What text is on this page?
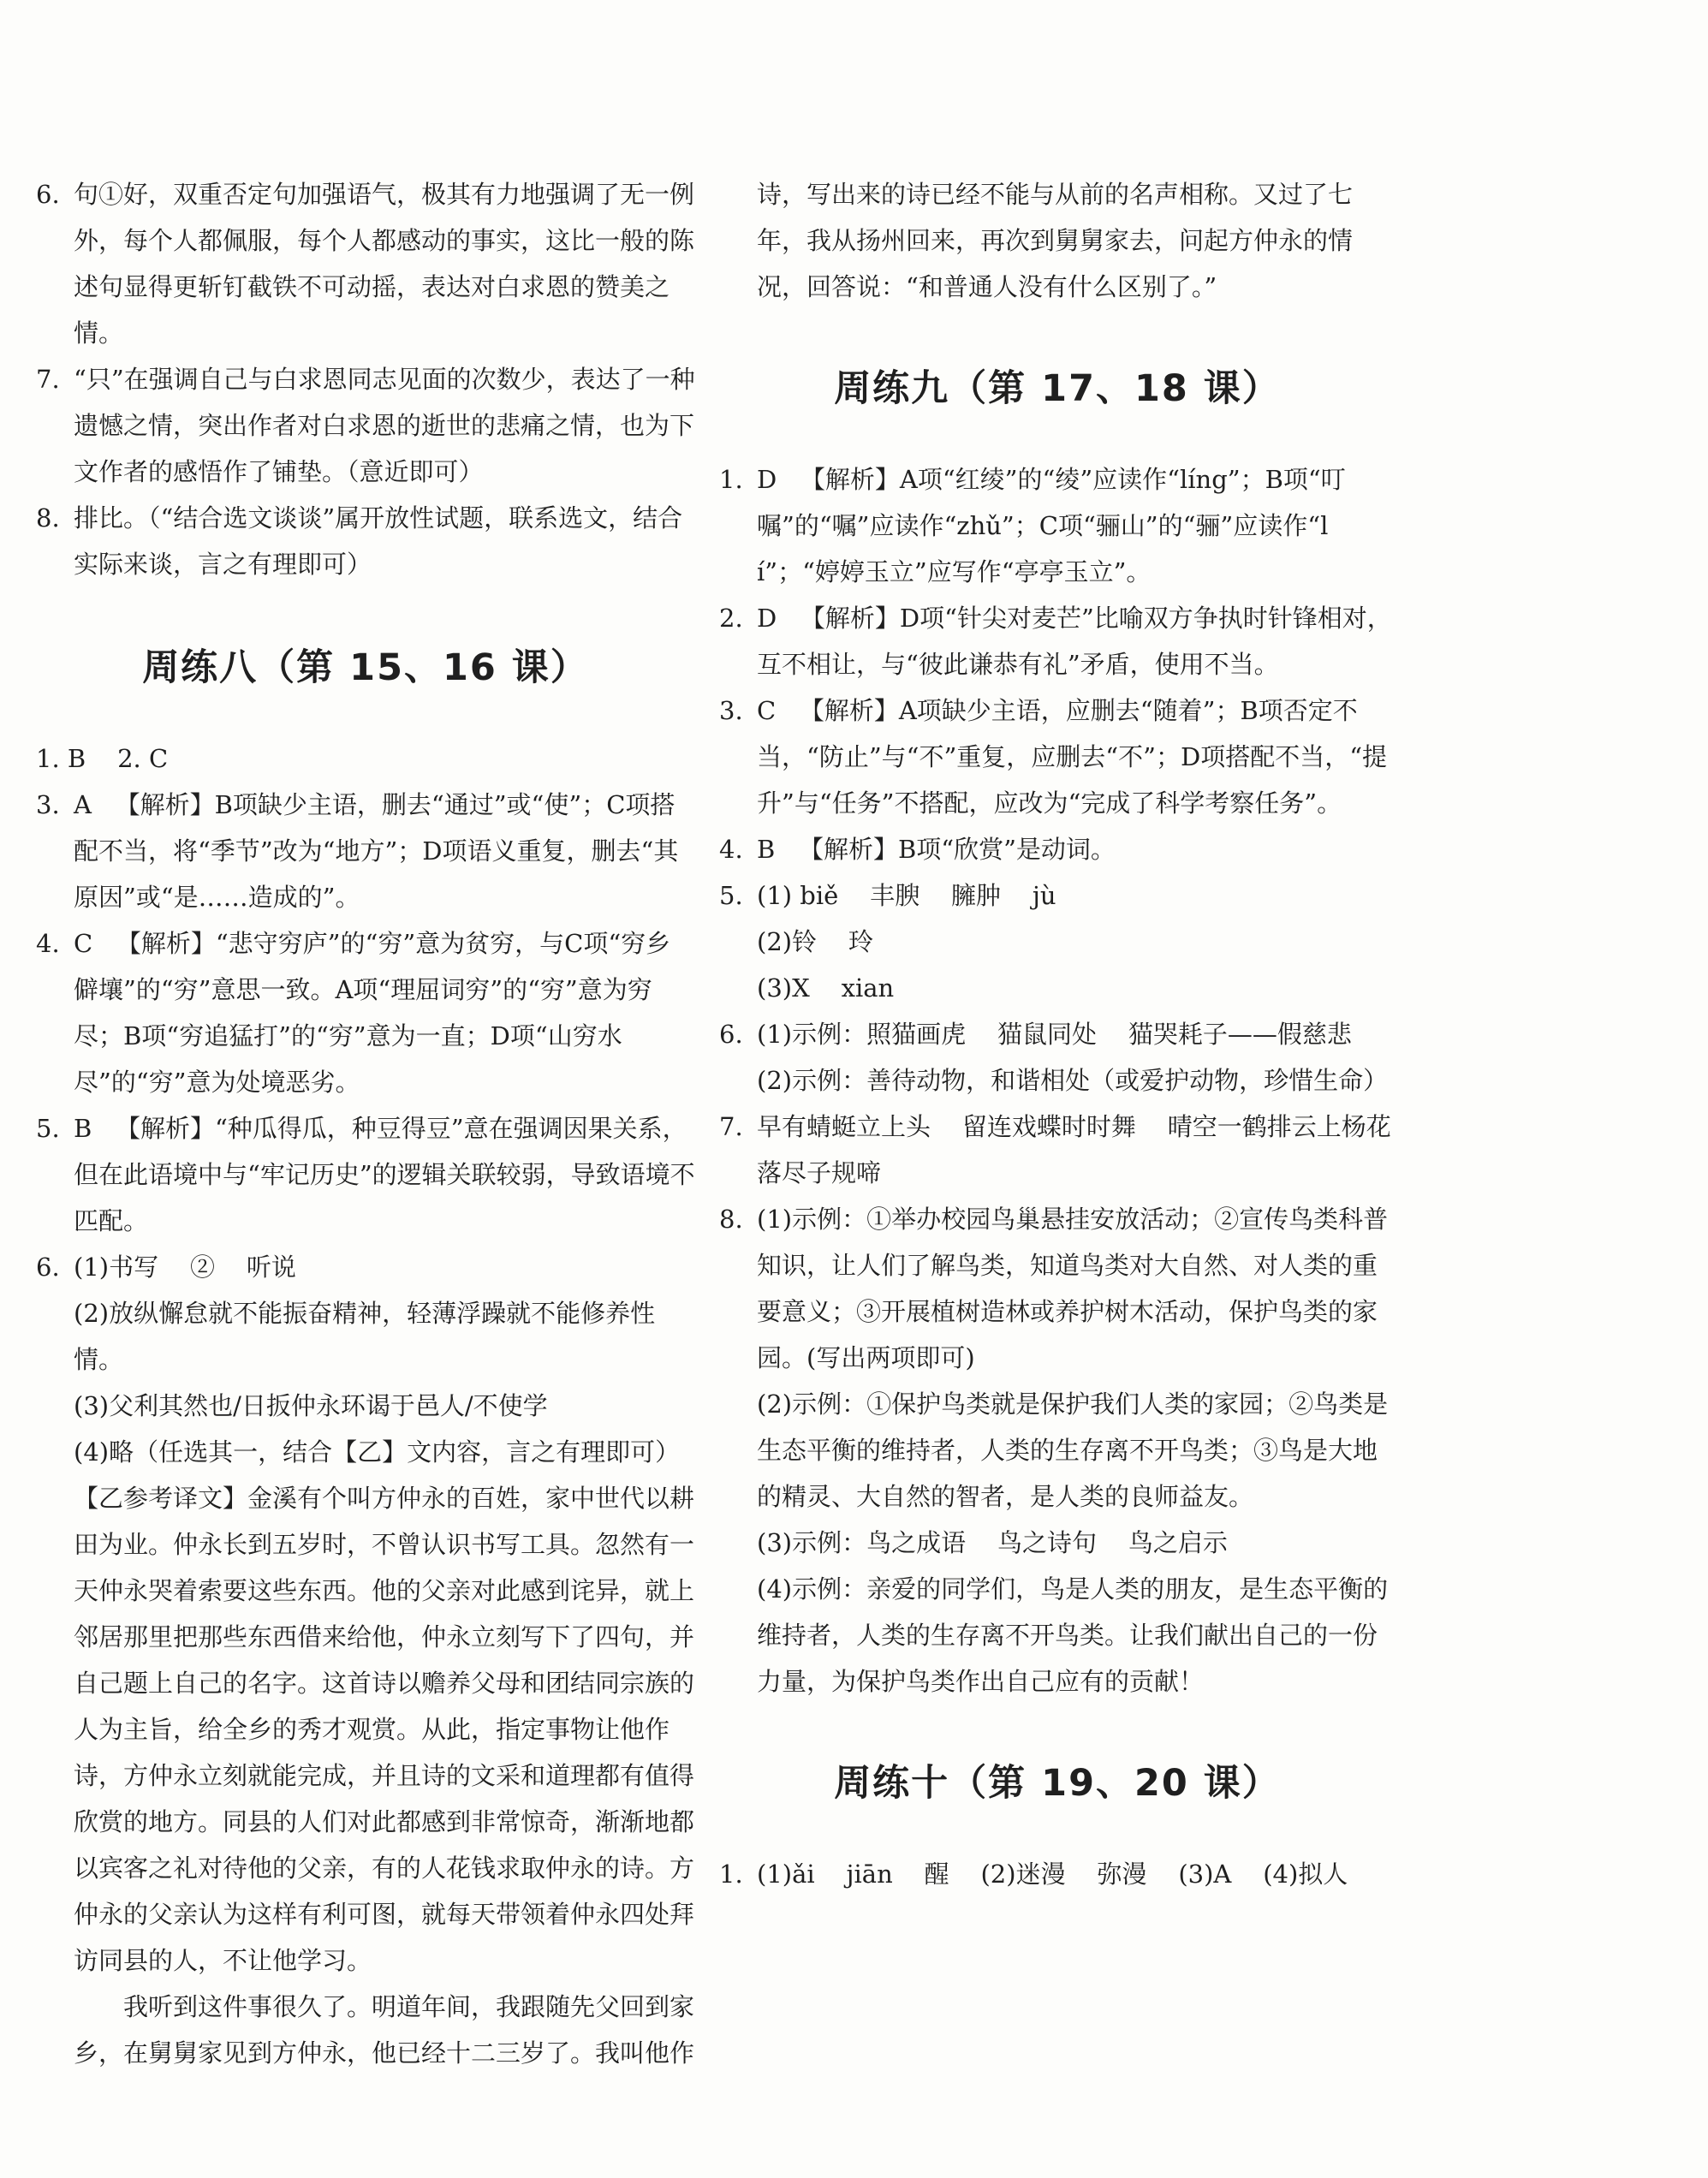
6. 句①好，双重否定句加强语气，极其有力地强调了无一例外，每个人都佩服，每个人都感动的事实，这比一般的陈述句显得更斩钉截铁不可动摇，表达对白求恩的赞美之情。
7. “只”在强调自己与白求恩同志见面的次数少，表达了一种遗憾之情，突出作者对白求恩的逝世的悲痛之情，也为下文作者的感悟作了铺垫。（意近即可）
8. 排比。（“结合选文谈谈”属开放性试题，联系选文，结合实际来谈，言之有理即可）
周练八（第 15、16 课）

1. B    2. C

3. A   【解析】B项缺少主语，删去“通过”或“使”；C项搭配不当，将“季节”改为“地方”；D项语义重复，删去“其原因”或“是……造成的”。
4. C   【解析】“悲守穷庐”的“穷”意为贫穷，与C项“穷乡僻壤”的“穷”意思一致。A项“理屈词穷”的“穷”意为穷尽；B项“穷追猛打”的“穷”意为一直；D项“山穷水尽”的“穷”意为处境恶劣。
5. B   【解析】“种瓜得瓜，种豆得豆”意在强调因果关系，但在此语境中与“牢记历史”的逻辑关联较弱，导致语境不匹配。
6. (1)书写    ②    听说

(2)放纵懈怠就不能振奋精神，轻薄浮躁就不能修养性情。

(3)父利其然也/日扳仲永环谒于邑人/不使学

(4)略（任选其一，结合【乙】文内容，言之有理即可）

【乙参考译文】金溪有个叫方仲永的百姓，家中世代以耕田为业。仲永长到五岁时，不曾认识书写工具。忽然有一天仲永哭着索要这些东西。他的父亲对此感到诧异，就上邻居那里把那些东西借来给他，仲永立刻写下了四句，并自己题上自己的名字。这首诗以赡养父母和团结同宗族的人为主旨，给全乡的秀才观赏。从此，指定事物让他作诗，方仲永立刻就能完成，并且诗的文采和道理都有值得欣赏的地方。同县的人们对此都感到非常惊奇，渐渐地都以宾客之礼对待他的父亲，有的人花钱求取仲永的诗。方仲永的父亲认为这样有利可图，就每天带领着仲永四处拜访同县的人，不让他学习。

我听到这件事很久了。明道年间，我跟随先父回到家乡，在舅舅家见到方仲永，他已经十二三岁了。我叫他作

诗，写出来的诗已经不能与从前的名声相称。又过了七年，我从扬州回来，再次到舅舅家去，问起方仲永的情况，回答说：“和普通人没有什么区别了。”

周练九（第 17、18 课）
1. D   【解析】A项“红绫”的“绫”应读作“líng”；B项“叮嘱”的“嘱”应读作“zhǔ”；C项“骊山”的“骊”应读作“lí”；“婷婷玉立”应写作“亭亭玉立”。
2. D   【解析】D项“针尖对麦芒”比喻双方争执时针锋相对，互不相让，与“彼此谦恭有礼”矛盾，使用不当。
3. C   【解析】A项缺少主语，应删去“随着”；B项否定不当，“防止”与“不”重复，应删去“不”；D项搭配不当，“提升”与“任务”不搭配，应改为“完成了科学考察任务”。
4. B   【解析】B项“欣赏”是动词。
5. (1) biě    丰腴    臃肿    jù

(2)铃    玲

(3)X    xian

6. (1)示例：照猫画虎    猫鼠同处    猫哭耗子——假慈悲

(2)示例：善待动物，和谐相处（或爱护动物，珍惜生命）

7. 早有蜻蜓立上头    留连戏蝶时时舞    晴空一鹤排云上杨花落尽子规啼
8. (1)示例：①举办校园鸟巢悬挂安放活动；②宣传鸟类科普知识，让人们了解鸟类，知道鸟类对大自然、对人类的重要意义；③开展植树造林或养护树木活动，保护鸟类的家园。(写出两项即可)

(2)示例：①保护鸟类就是保护我们人类的家园；②鸟类是生态平衡的维持者，人类的生存离不开鸟类；③鸟是大地的精灵、大自然的智者，是人类的良师益友。

(3)示例：鸟之成语    鸟之诗句    鸟之启示

(4)示例：亲爱的同学们，鸟是人类的朋友，是生态平衡的维持者，人类的生存离不开鸟类。让我们献出自己的一份力量，为保护鸟类作出自己应有的贡献！

周练十（第 19、20 课）
1. (1)ǎi    jiān    醒    (2)迷漫    弥漫    (3)A    (4)拟人
